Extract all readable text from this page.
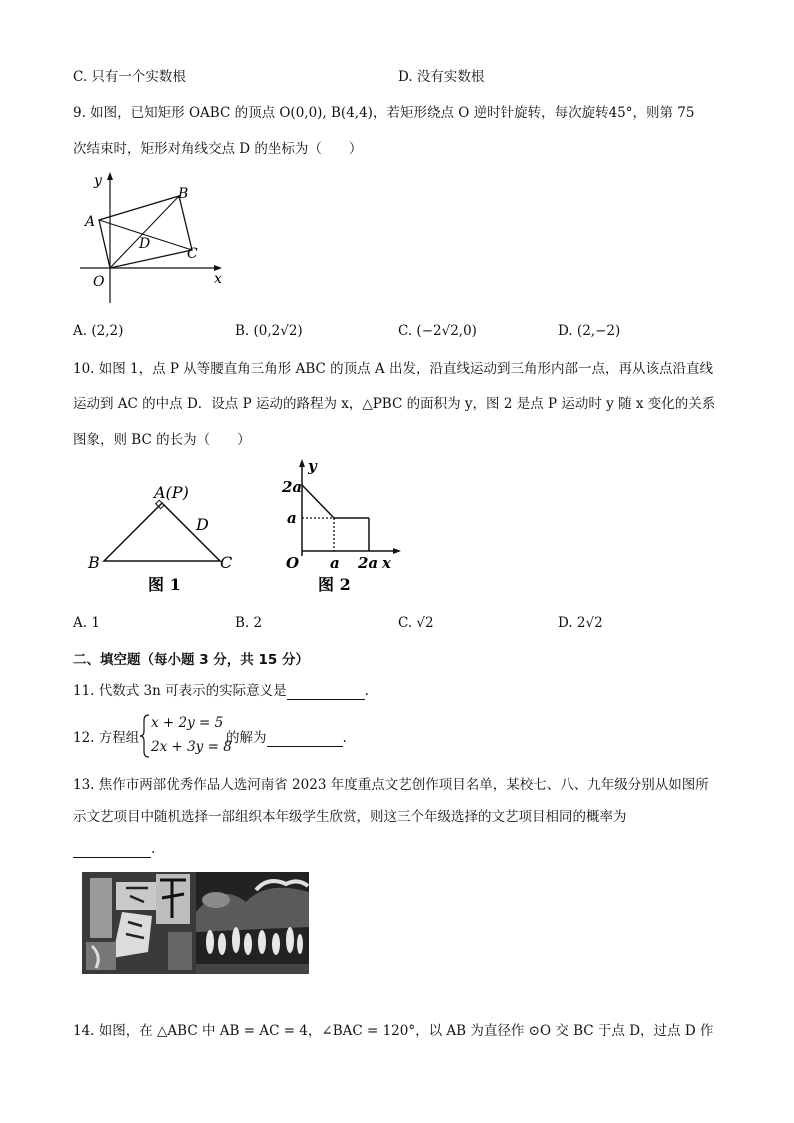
C. 只有一个实数根	D. 没有实数根
9. 如图，已知矩形 OABC 的顶点 O(0,0), B(4,4)，若矩形绕点 O 逆时针旋转，每次旋转45°，则第 75
次结束时，矩形对角线交点 D 的坐标为（　　）
y
x
O
A
B
C
D
A. (2,2)	B. (0,2√2)	C. (−2√2,0)	D. (2,−2)
10. 如图 1，点 P 从等腰直角三角形 ABC 的顶点 A 出发，沿直线运动到三角形内部一点，再从该点沿直线
运动到 AC 的中点 D．设点 P 运动的路程为 x，△PBC 的面积为 y，图 2 是点 P 运动时 y 随 x 变化的关系
图象，则 BC 的长为（　　）
A(P)
D
B	C
图 1
y
2a
a
O a 2a x
图 2
A. 1	B. 2	C. √2	D. 2√2
二、填空题（每小题 3 分，共 15 分）
11. 代数式 3n 可表示的实际意义是	.
12. 方程组
x + 2y = 5
2x + 3y = 8
的解为	.
13. 焦作市两部优秀作品人选河南省 2023 年度重点文艺创作项目名单，某校七、八、九年级分别从如图所
示文艺项目中随机选择一部组织本年级学生欣赏，则这三个年级选择的文艺项目相同的概率为
.
14. 如图，在 △ABC 中 AB = AC = 4，∠BAC = 120°，以 AB 为直径作 ⊙O 交 BC 于点 D，过点 D 作
